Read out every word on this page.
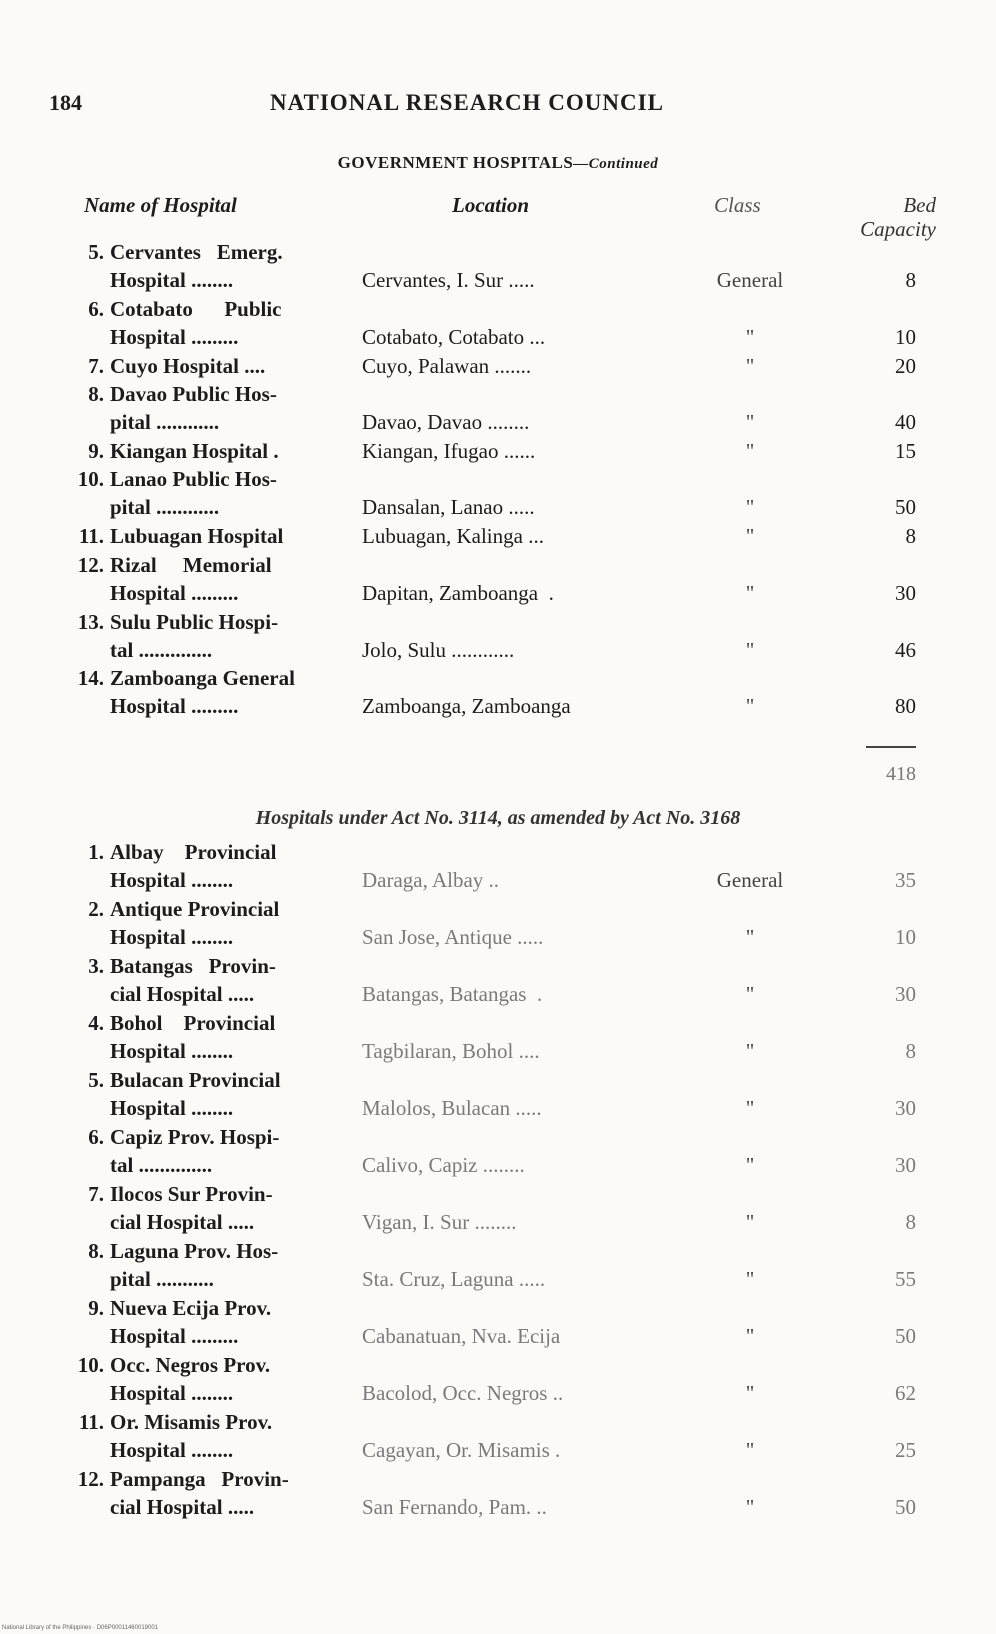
184	NATIONAL RESEARCH COUNCIL
GOVERNMENT HOSPITALS—Continued
Name of Hospital	Location	Class	Bed
Capacity
5. Cervantes   Emerg.
Hospital ........	Cervantes, I. Sur .....	General	8
6. Cotabato      Public
Hospital .........	Cotabato, Cotabato ...	"	10
7. Cuyo Hospital ....	Cuyo, Palawan .......	"	20
8. Davao Public Hos-
pital ............	Davao, Davao ........	"	40
9. Kiangan Hospital .	Kiangan, Ifugao ......	"	15
10. Lanao Public Hos-
pital ............	Dansalan, Lanao .....	"	50
11. Lubuagan Hospital	Lubuagan, Kalinga ...	"	8
12. Rizal     Memorial
Hospital .........	Dapitan, Zamboanga  .	"	30
13. Sulu Public Hospi-
tal ..............	Jolo, Sulu ............	"	46
14. Zamboanga General
Hospital .........	Zamboanga, Zamboanga	"	80
418
Hospitals under Act No. 3114, as amended by Act No. 3168
1. Albay    Provincial
Hospital ........	Daraga, Albay ..	General	35
2. Antique Provincial
Hospital ........	San Jose, Antique .....	"	10
3. Batangas   Provin-
cial Hospital .....	Batangas, Batangas  .	"	30
4. Bohol    Provincial
Hospital ........	Tagbilaran, Bohol ....	"	8
5. Bulacan Provincial
Hospital ........	Malolos, Bulacan .....	"	30
6. Capiz Prov. Hospi-
tal ..............	Calivo, Capiz ........	"	30
7. Ilocos Sur Provin-
cial Hospital .....	Vigan, I. Sur ........	"	8
8. Laguna Prov. Hos-
pital ...........	Sta. Cruz, Laguna .....	"	55
9. Nueva Ecija Prov.
Hospital .........	Cabanatuan, Nva. Ecija	"	50
10. Occ. Negros Prov.
Hospital ........	Bacolod, Occ. Negros ..	"	62
11. Or. Misamis Prov.
Hospital ........	Cagayan, Or. Misamis .	"	25
12. Pampanga   Provin-
cial Hospital .....	San Fernando, Pam. ..	"	50
National Library of the Philippines · D06P00011460019001
